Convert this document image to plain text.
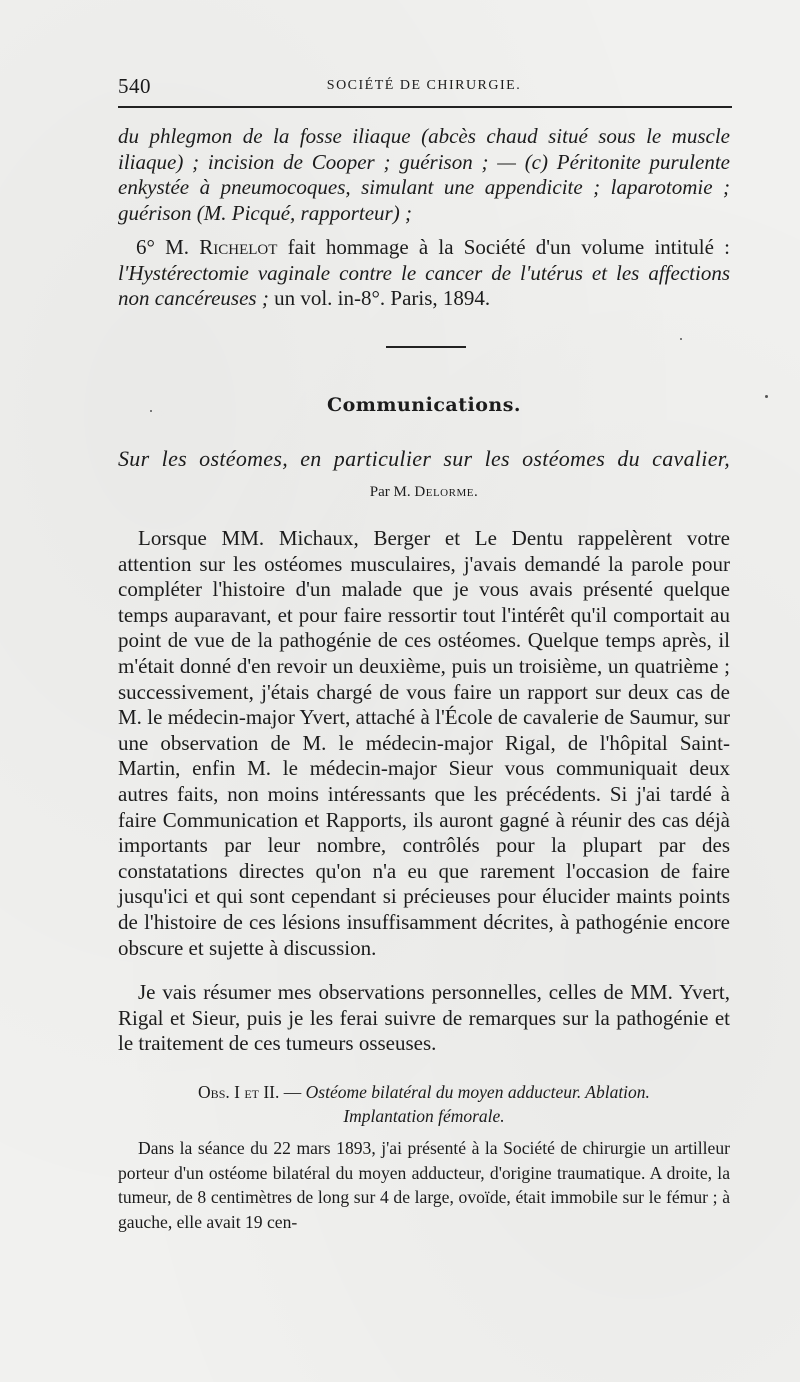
540	SOCIÉTÉ DE CHIRURGIE.

du phlegmon de la fosse iliaque (abcès chaud situé sous le muscle iliaque) ; incision de Cooper ; guérison ; — (c) Péritonite purulente enkystée à pneumocoques, simulant une appendicite ; laparotomie ; guérison (M. Picqué, rapporteur) ;

6° M. Richelot fait hommage à la Société d'un volume intitulé : l'Hystérectomie vaginale contre le cancer de l'utérus et les affections non cancéreuses ; un vol. in-8°. Paris, 1894.

Communications.
Sur les ostéomes, en particulier sur les ostéomes du cavalier,
Par M. Delorme.

Lorsque MM. Michaux, Berger et Le Dentu rappelèrent votre attention sur les ostéomes musculaires, j'avais demandé la parole pour compléter l'histoire d'un malade que je vous avais présenté quelque temps auparavant, et pour faire ressortir tout l'intérêt qu'il comportait au point de vue de la pathogénie de ces ostéomes. Quelque temps après, il m'était donné d'en revoir un deuxième, puis un troisième, un quatrième ; successivement, j'étais chargé de vous faire un rapport sur deux cas de M. le médecin-major Yvert, attaché à l'École de cavalerie de Saumur, sur une observation de M. le médecin-major Rigal, de l'hôpital Saint-Martin, enfin M. le médecin-major Sieur vous communiquait deux autres faits, non moins intéressants que les précédents. Si j'ai tardé à faire Communication et Rapports, ils auront gagné à réunir des cas déjà importants par leur nombre, contrôlés pour la plupart par des constatations directes qu'on n'a eu que rarement l'occasion de faire jusqu'ici et qui sont cependant si précieuses pour élucider maints points de l'histoire de ces lésions insuffisamment décrites, à pathogénie encore obscure et sujette à discussion.

Je vais résumer mes observations personnelles, celles de MM. Yvert, Rigal et Sieur, puis je les ferai suivre de remarques sur la pathogénie et le traitement de ces tumeurs osseuses.

Obs. I et II. — Ostéome bilatéral du moyen adducteur. Ablation.
Implantation fémorale.

Dans la séance du 22 mars 1893, j'ai présenté à la Société de chirurgie un artilleur porteur d'un ostéome bilatéral du moyen adducteur, d'origine traumatique. A droite, la tumeur, de 8 centimètres de long sur 4 de large, ovoïde, était immobile sur le fémur ; à gauche, elle avait 19 cen-
